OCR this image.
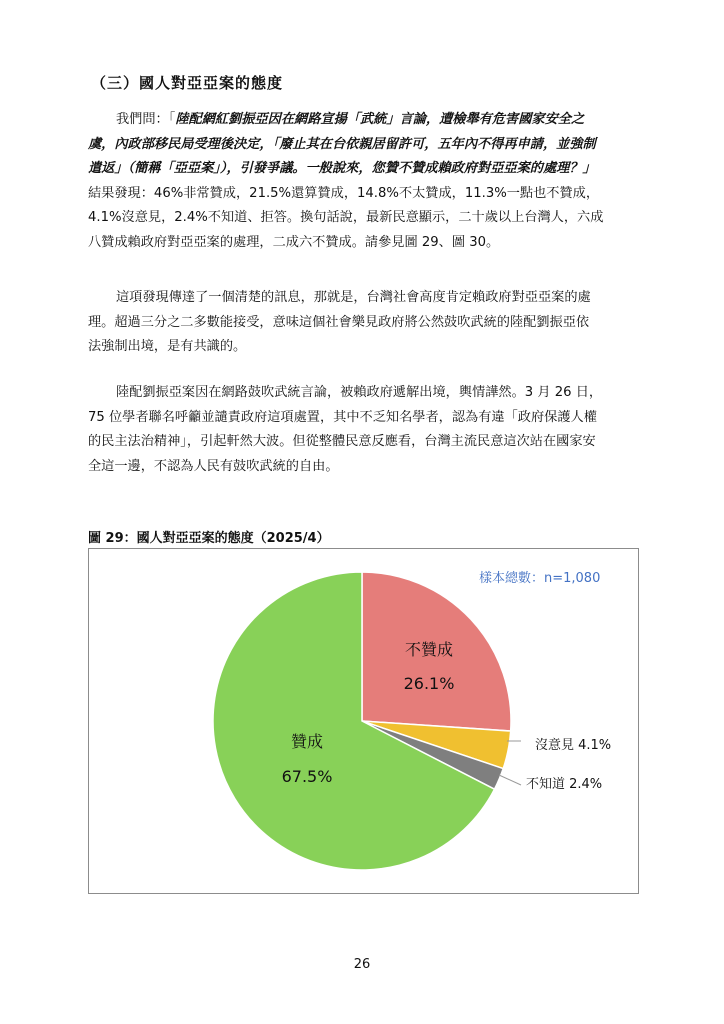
（三）國人對亞亞案的態度
我們問：「陸配網紅劉振亞因在網路宣揚「武統」言論，遭檢舉有危害國家安全之
虞，內政部移民局受理後決定，「廢止其在台依親居留許可，五年內不得再申請，並強制
遣返」（簡稱「亞亞案」），引發爭議。一般說來，您贊不贊成賴政府對亞亞案的處理？」
結果發現：46%非常贊成，21.5%還算贊成，14.8%不太贊成，11.3%一點也不贊成，
4.1%沒意見，2.4%不知道、拒答。換句話說，最新民意顯示，二十歲以上台灣人，六成
八贊成賴政府對亞亞案的處理，二成六不贊成。請參見圖 29、圖 30。
這項發現傳達了一個清楚的訊息，那就是，台灣社會高度肯定賴政府對亞亞案的處
理。超過三分之二多數能接受，意味這個社會樂見政府將公然鼓吹武統的陸配劉振亞依
法強制出境，是有共識的。
陸配劉振亞案因在網路鼓吹武統言論，被賴政府遞解出境，輿情譁然。3 月 26 日，
75 位學者聯名呼籲並譴責政府這項處置，其中不乏知名學者，認為有違「政府保護人權
的民主法治精神」，引起軒然大波。但從整體民意反應看，台灣主流民意這次站在國家安
全這一邊，不認為人民有鼓吹武統的自由。
圖 29：國人對亞亞案的態度（2025/4）
樣本總數：n=1,080
不贊成
26.1%
沒意見 4.1%
不知道 2.4%
贊成
67.5%
26
